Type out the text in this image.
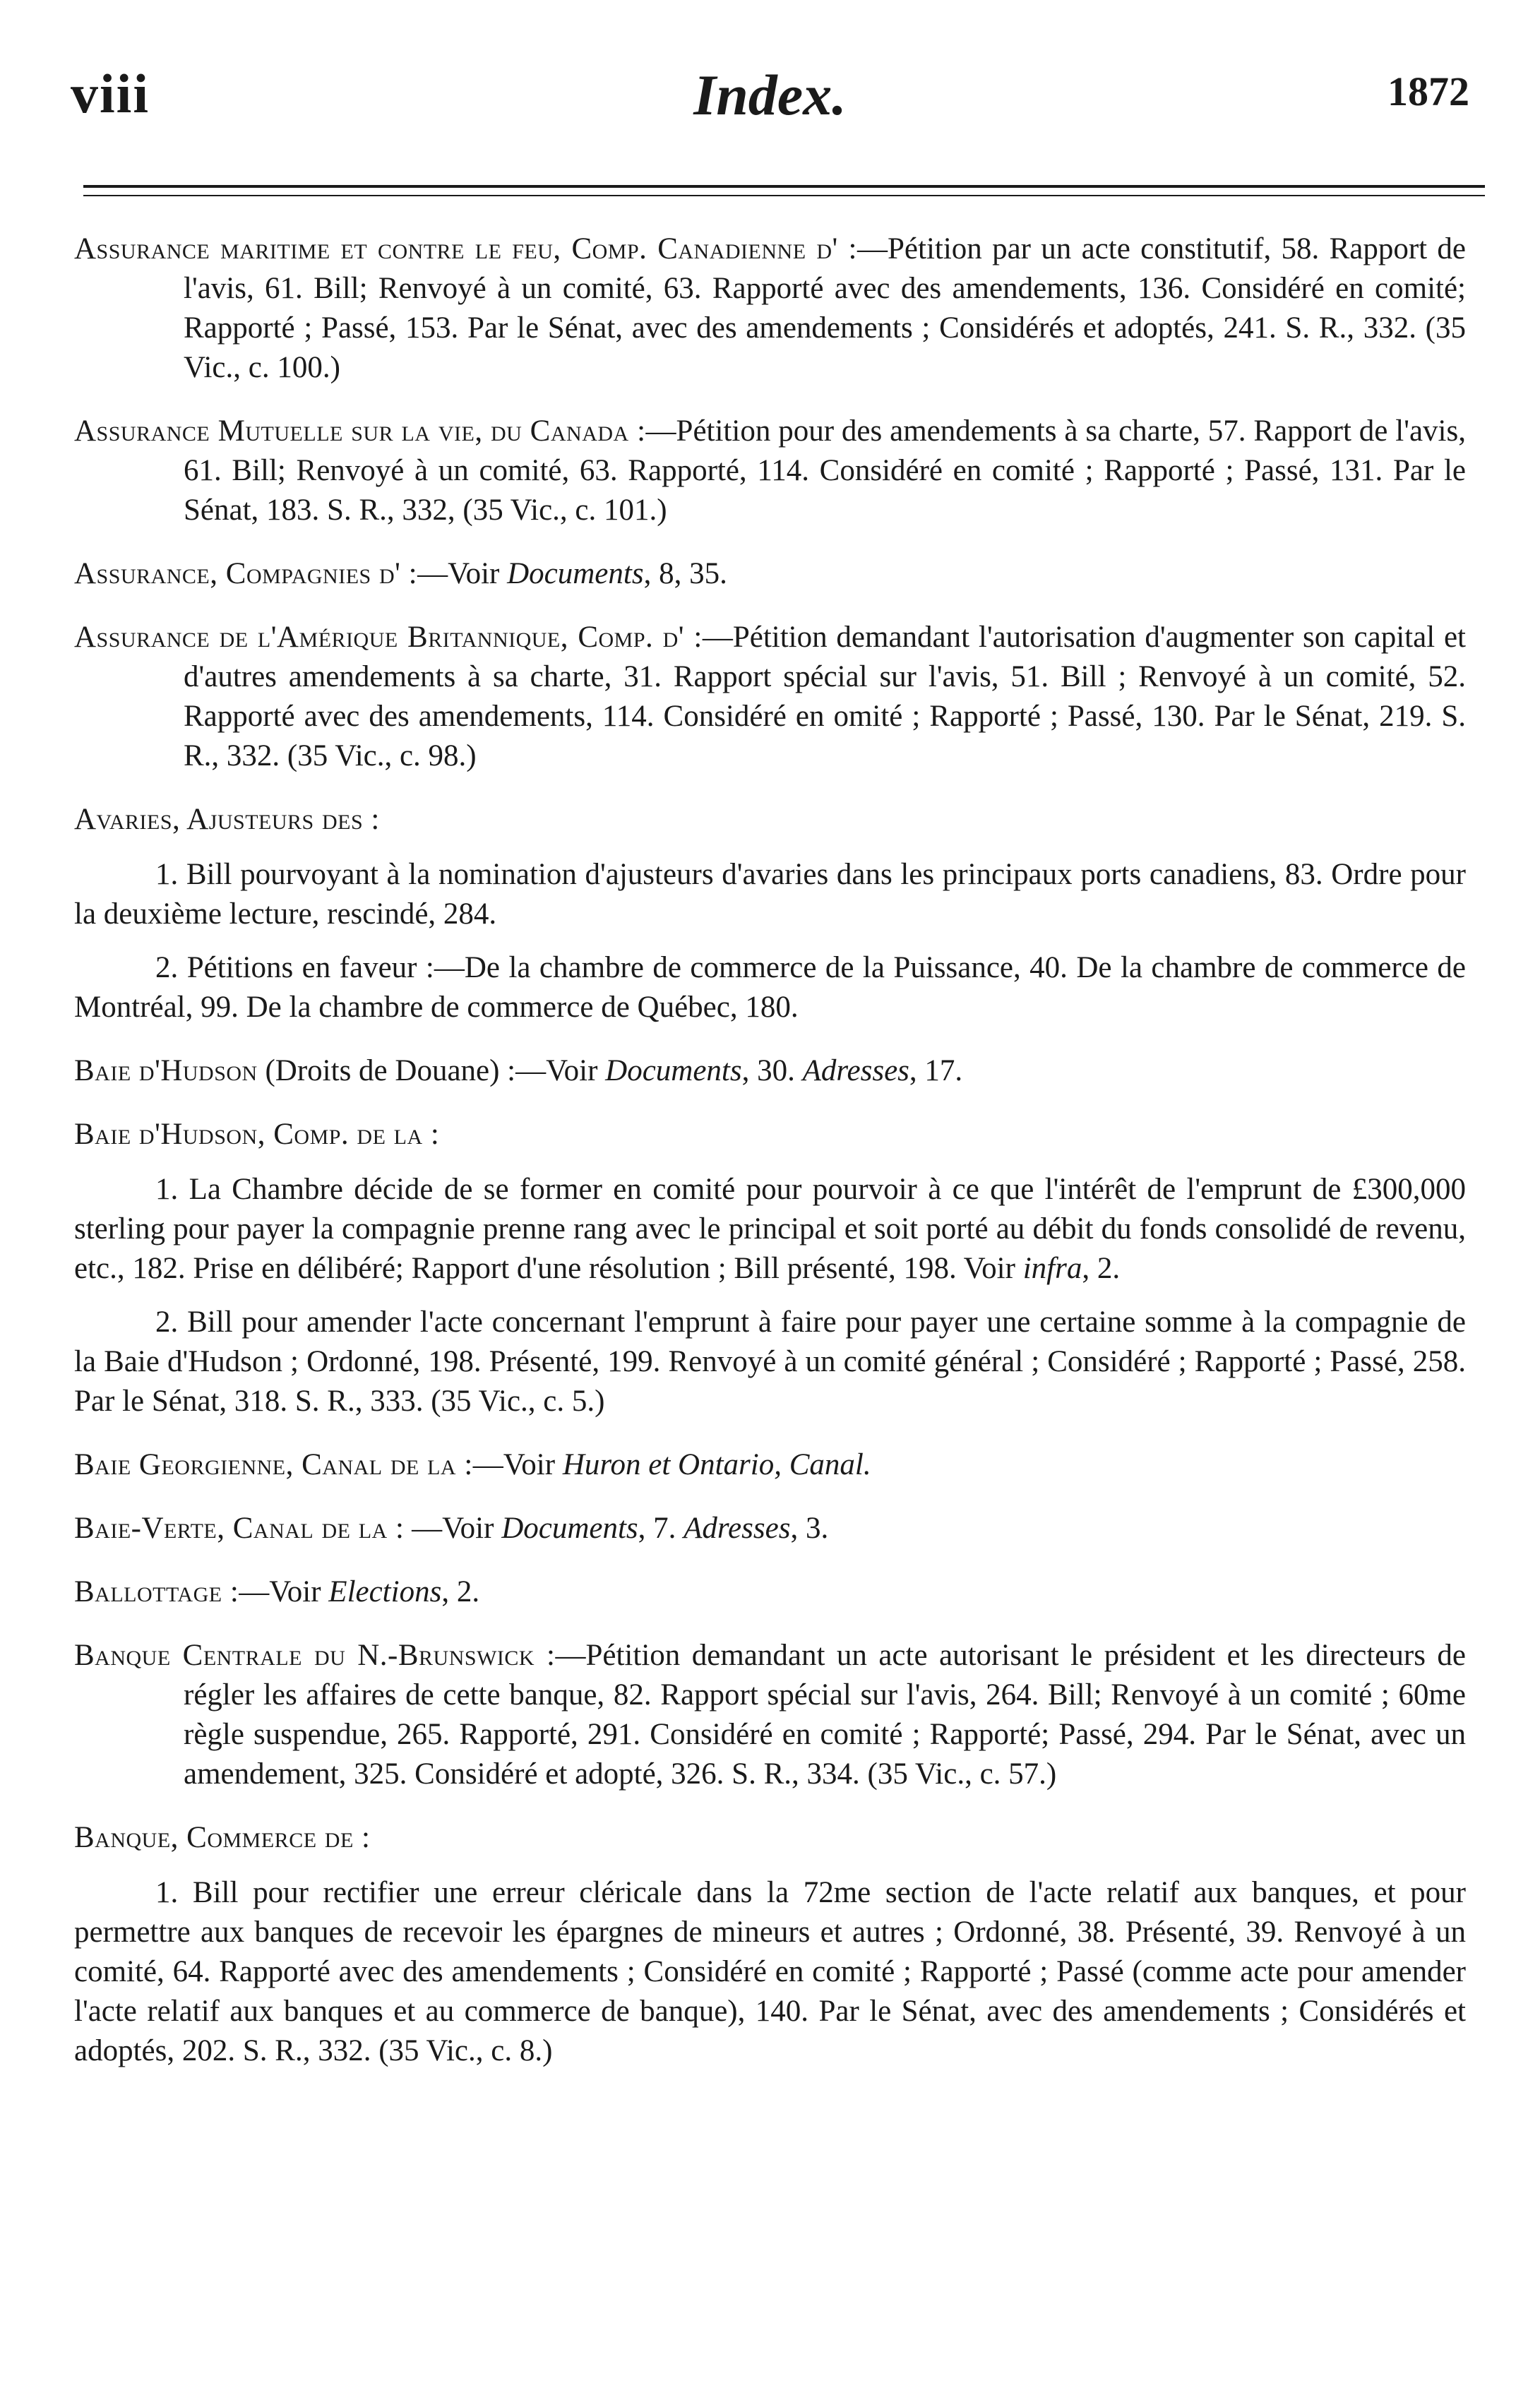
viii	Index.	1872

Assurance maritime et contre le feu, Comp. Canadienne d' :—Pétition par un acte constitutif, 58. Rapport de l'avis, 61. Bill; Renvoyé à un comité, 63. Rapporté avec des amendements, 136. Considéré en comité; Rapporté ; Passé, 153. Par le Sénat, avec des amendements ; Considérés et adoptés, 241. S. R., 332. (35 Vic., c. 100.)

Assurance Mutuelle sur la vie, du Canada :—Pétition pour des amendements à sa charte, 57. Rapport de l'avis, 61. Bill; Renvoyé à un comité, 63. Rapporté, 114. Considéré en comité ; Rapporté ; Passé, 131. Par le Sénat, 183. S. R., 332, (35 Vic., c. 101.)

Assurance, Compagnies d' :—Voir Documents, 8, 35.

Assurance de l'Amérique Britannique, Comp. d' :—Pétition demandant l'autorisation d'augmenter son capital et d'autres amendements à sa charte, 31. Rapport spécial sur l'avis, 51. Bill ; Renvoyé à un comité, 52. Rapporté avec des amendements, 114. Considéré en omité ; Rapporté ; Passé, 130. Par le Sénat, 219. S. R., 332. (35 Vic., c. 98.)

Avaries, Ajusteurs des :

1. Bill pourvoyant à la nomination d'ajusteurs d'avaries dans les principaux ports canadiens, 83. Ordre pour la deuxième lecture, rescindé, 284.

2. Pétitions en faveur :—De la chambre de commerce de la Puissance, 40. De la chambre de commerce de Montréal, 99. De la chambre de commerce de Québec, 180.

Baie d'Hudson (Droits de Douane) :—Voir Documents, 30. Adresses, 17.

Baie d'Hudson, Comp. de la :

1. La Chambre décide de se former en comité pour pourvoir à ce que l'intérêt de l'emprunt de £300,000 sterling pour payer la compagnie prenne rang avec le principal et soit porté au débit du fonds consolidé de revenu, etc., 182. Prise en délibéré; Rapport d'une résolution ; Bill présenté, 198. Voir infra, 2.

2. Bill pour amender l'acte concernant l'emprunt à faire pour payer une certaine somme à la compagnie de la Baie d'Hudson ; Ordonné, 198. Présenté, 199. Renvoyé à un comité général ; Considéré ; Rapporté ; Passé, 258. Par le Sénat, 318. S. R., 333. (35 Vic., c. 5.)

Baie Georgienne, Canal de la :—Voir Huron et Ontario, Canal.

Baie-Verte, Canal de la : —Voir Documents, 7. Adresses, 3.

Ballottage :—Voir Elections, 2.

Banque Centrale du N.-Brunswick :—Pétition demandant un acte autorisant le président et les directeurs de régler les affaires de cette banque, 82. Rapport spécial sur l'avis, 264. Bill; Renvoyé à un comité ; 60me règle suspendue, 265. Rapporté, 291. Considéré en comité ; Rapporté; Passé, 294. Par le Sénat, avec un amendement, 325. Considéré et adopté, 326. S. R., 334. (35 Vic., c. 57.)

Banque, Commerce de :

1. Bill pour rectifier une erreur cléricale dans la 72me section de l'acte relatif aux banques, et pour permettre aux banques de recevoir les épargnes de mineurs et autres ; Ordonné, 38. Présenté, 39. Renvoyé à un comité, 64. Rapporté avec des amendements ; Considéré en comité ; Rapporté ; Passé (comme acte pour amender l'acte relatif aux banques et au commerce de banque), 140. Par le Sénat, avec des amendements ; Considérés et adoptés, 202. S. R., 332. (35 Vic., c. 8.)
